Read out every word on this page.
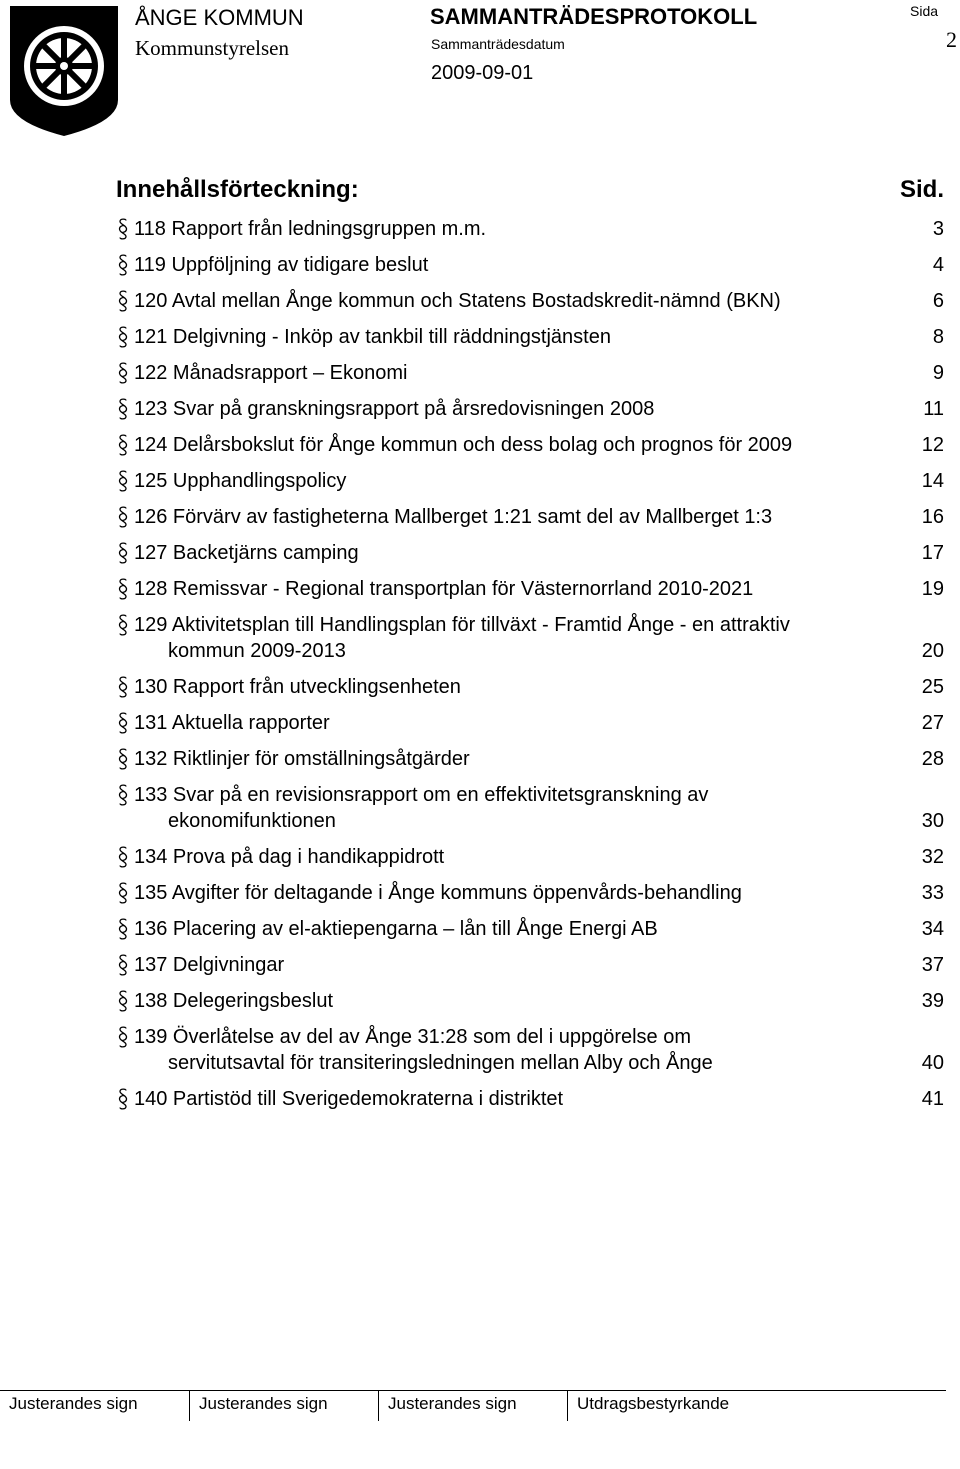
ÅNGE KOMMUN
Kommunstyrelsen
SAMMANTRÄDESPROTOKOLL
Sammanträdesdatum
2009-09-01
Sida
2
Innehållsförteckning:	Sid.
118 Rapport från ledningsgruppen m.m.	3
119 Uppföljning av tidigare beslut	4
120 Avtal mellan Ånge kommun och Statens Bostadskredit-nämnd (BKN)	6
121 Delgivning - Inköp av tankbil till räddningstjänsten	8
122 Månadsrapport – Ekonomi	9
123 Svar på granskningsrapport på årsredovisningen 2008	11
124 Delårsbokslut för Ånge kommun och dess bolag och prognos för 2009	12
125 Upphandlingspolicy	14
126 Förvärv av fastigheterna Mallberget 1:21 samt del av Mallberget 1:3	16
127 Backetjärns camping	17
128 Remissvar - Regional transportplan för Västernorrland 2010-2021	19
129 Aktivitetsplan till Handlingsplan för tillväxt - Framtid Ånge - en attraktiv
kommun 2009-2013	20
130 Rapport från utvecklingsenheten	25
131 Aktuella rapporter	27
132 Riktlinjer för omställningsåtgärder	28
133 Svar på en revisionsrapport om en effektivitetsgranskning av
ekonomifunktionen	30
134 Prova på dag i handikappidrott	32
135 Avgifter för deltagande i Ånge kommuns öppenvårds-behandling	33
136 Placering av el-aktiepengarna – lån till Ånge Energi AB	34
137 Delgivningar	37
138 Delegeringsbeslut	39
139 Överlåtelse av del av Ånge 31:28 som del i uppgörelse om
servitutsavtal för transiteringsledningen mellan Alby och Ånge	40
140 Partistöd till Sverigedemokraterna i distriktet	41
Justerandes sign	Justerandes sign	Justerandes sign	Utdragsbestyrkande
